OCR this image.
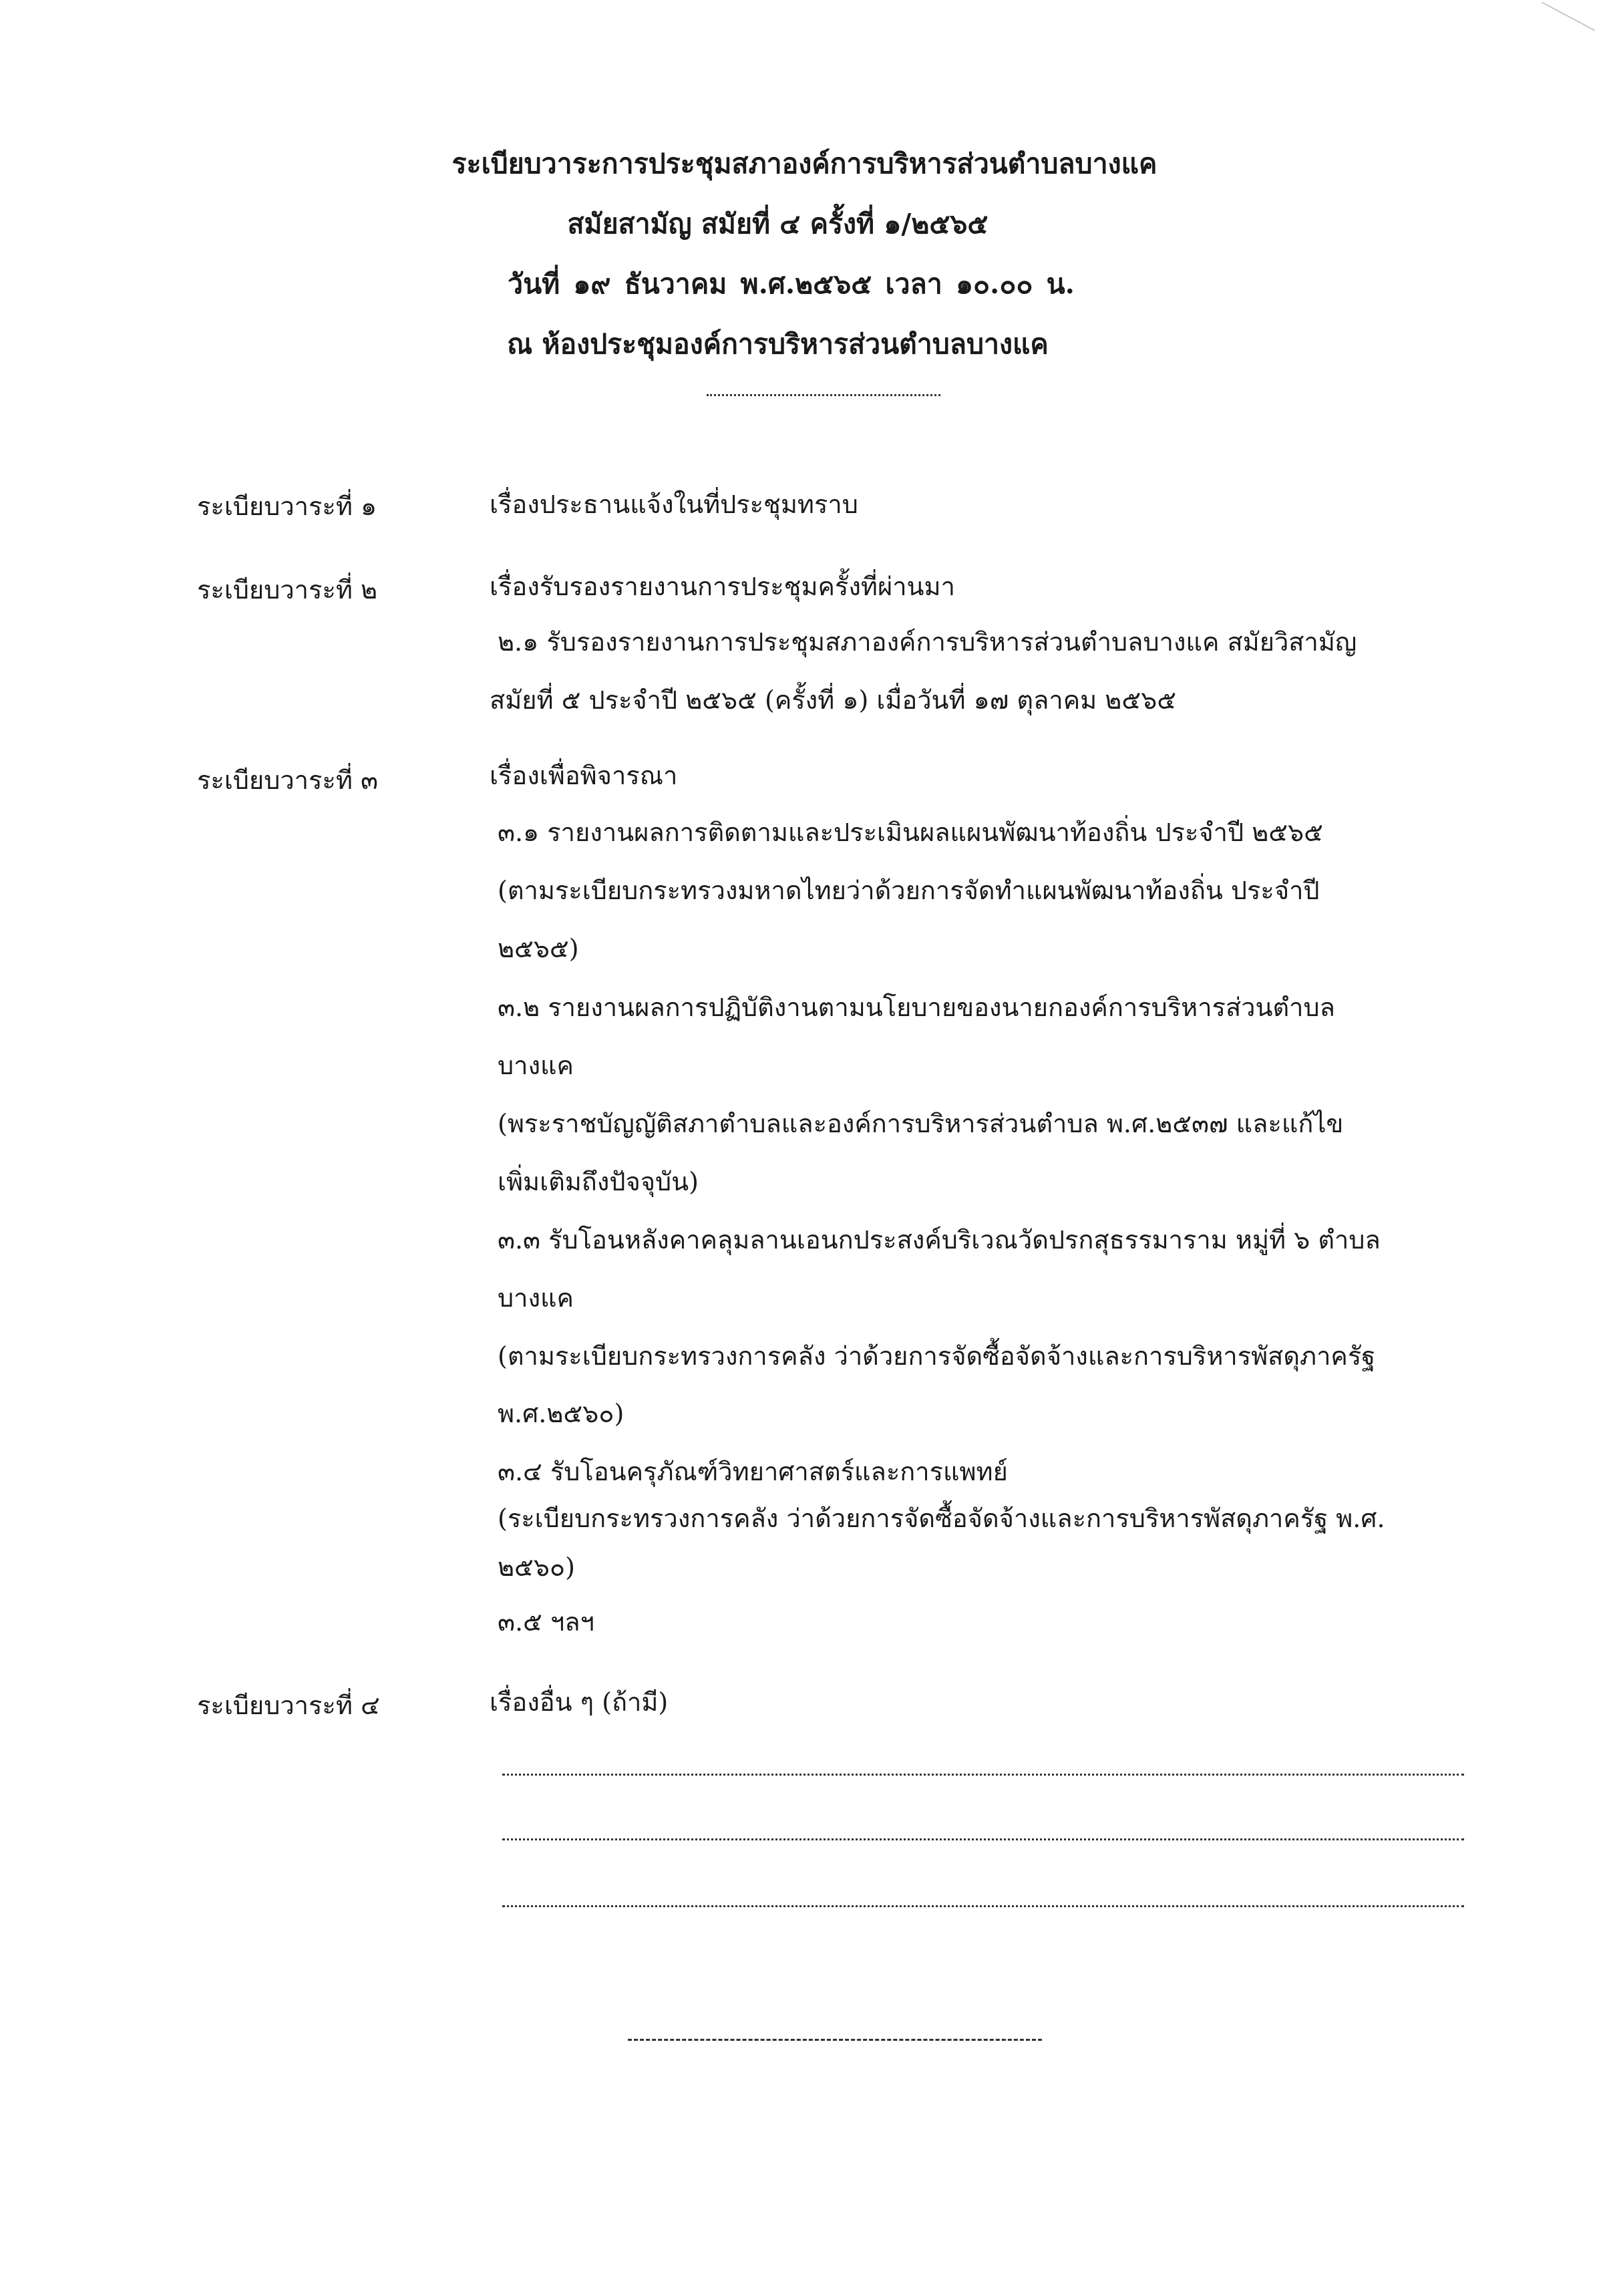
ระเบียบวาระการประชุมสภาองค์การบริหารส่วนตำบลบางแค
สมัยสามัญ สมัยที่ ๔ ครั้งที่ ๑/๒๕๖๕
วันที่ ๑๙ ธันวาคม พ.ศ.๒๕๖๕ เวลา ๑๐.๐๐ น.
ณ ห้องประชุมองค์การบริหารส่วนตำบลบางแค
ระเบียบวาระที่ ๑	เรื่องประธานแจ้งในที่ประชุมทราบ
ระเบียบวาระที่ ๒	เรื่องรับรองรายงานการประชุมครั้งที่ผ่านมา
๒.๑ รับรองรายงานการประชุมสภาองค์การบริหารส่วนตำบลบางแค สมัยวิสามัญ
สมัยที่ ๕ ประจำปี ๒๕๖๕ (ครั้งที่ ๑) เมื่อวันที่ ๑๗ ตุลาคม ๒๕๖๕
ระเบียบวาระที่ ๓	เรื่องเพื่อพิจารณา
๓.๑ รายงานผลการติดตามและประเมินผลแผนพัฒนาท้องถิ่น ประจำปี ๒๕๖๕
(ตามระเบียบกระทรวงมหาดไทยว่าด้วยการจัดทำแผนพัฒนาท้องถิ่น ประจำปี
๒๕๖๕)
๓.๒ รายงานผลการปฏิบัติงานตามนโยบายของนายกองค์การบริหารส่วนตำบล
บางแค
(พระราชบัญญัติสภาตำบลและองค์การบริหารส่วนตำบล พ.ศ.๒๕๓๗ และแก้ไข
เพิ่มเติมถึงปัจจุบัน)
๓.๓ รับโอนหลังคาคลุมลานเอนกประสงค์บริเวณวัดปรกสุธรรมาราม หมู่ที่ ๖ ตำบล
บางแค
(ตามระเบียบกระทรวงการคลัง ว่าด้วยการจัดซื้อจัดจ้างและการบริหารพัสดุภาครัฐ
พ.ศ.๒๕๖๐)
๓.๔ รับโอนครุภัณฑ์วิทยาศาสตร์และการแพทย์
(ระเบียบกระทรวงการคลัง ว่าด้วยการจัดซื้อจัดจ้างและการบริหารพัสดุภาครัฐ พ.ศ.
๒๕๖๐)
๓.๕ ฯลฯ
ระเบียบวาระที่ ๔	เรื่องอื่น ๆ (ถ้ามี)
